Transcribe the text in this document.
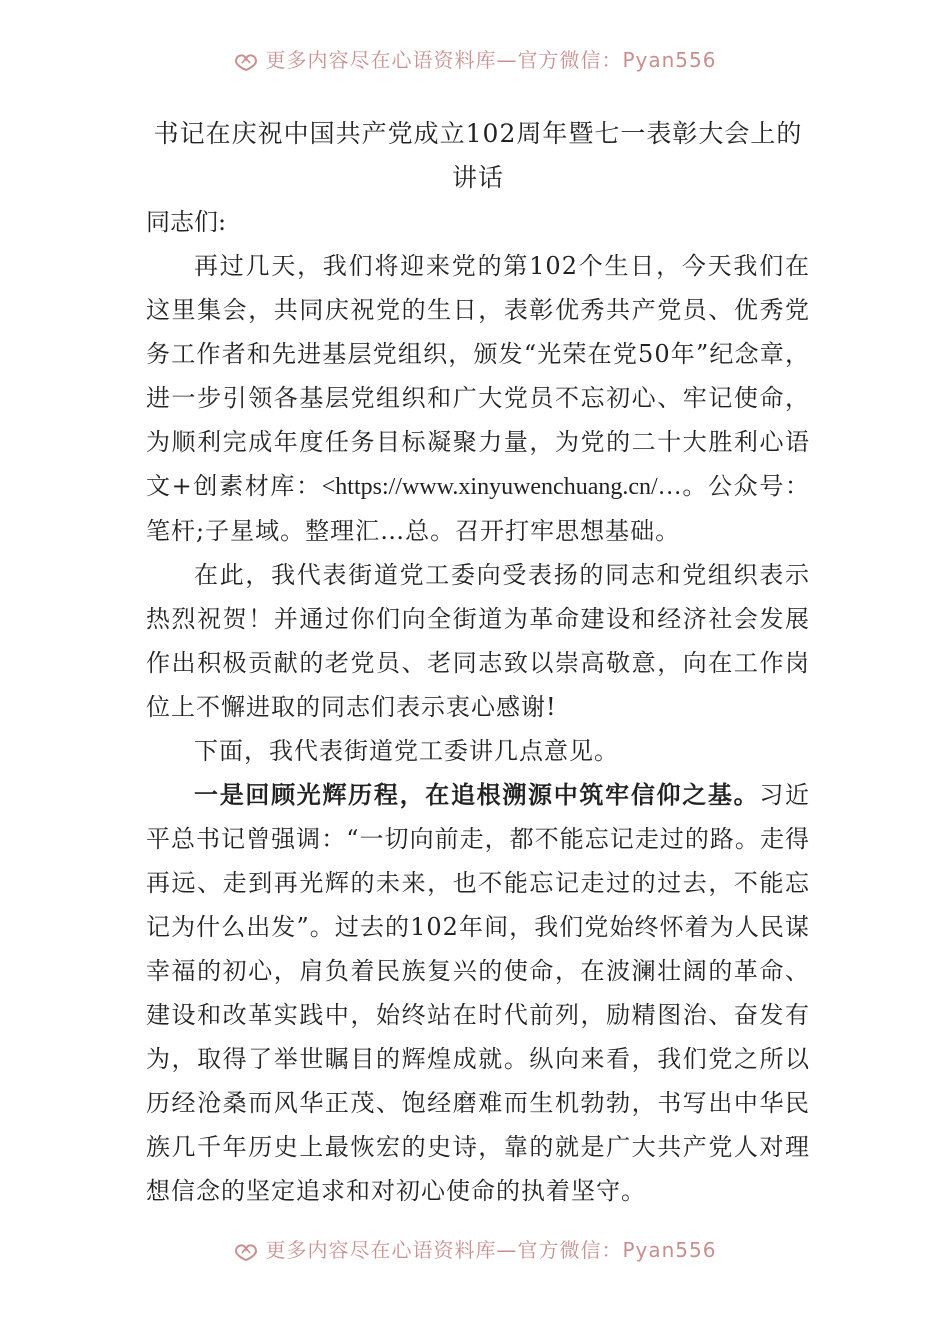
更多内容尽在心语资料库—官方微信：Pyan556
书记在庆祝中国共产党成立102周年暨七一表彰大会上的讲话

同志们:

再过几天，我们将迎来党的第102个生日，今天我们在这里集会，共同庆祝党的生日，表彰优秀共产党员、优秀党务工作者和先进基层党组织，颁发“光荣在党50年”纪念章，进一步引领各基层党组织和广大党员不忘初心、牢记使命，为顺利完成年度任务目标凝聚力量，为党的二十大胜利心语文+创素材库：<https://www.xinyuwenchuang.cn/…。公众号：笔杆;子星域。整理汇…总。召开打牢思想基础。

在此，我代表街道党工委向受表扬的同志和党组织表示热烈祝贺！并通过你们向全街道为革命建设和经济社会发展作出积极贡献的老党员、老同志致以崇高敬意，向在工作岗位上不懈进取的同志们表示衷心感谢!

下面，我代表街道党工委讲几点意见。

一是回顾光辉历程，在追根溯源中筑牢信仰之基。习近平总书记曾强调：“一切向前走，都不能忘记走过的路。走得再远、走到再光辉的未来，也不能忘记走过的过去，不能忘记为什么出发”。过去的102年间，我们党始终怀着为人民谋幸福的初心，肩负着民族复兴的使命，在波澜壮阔的革命、建设和改革实践中，始终站在时代前列，励精图治、奋发有为，取得了举世瞩目的辉煌成就。纵向来看，我们党之所以历经沧桑而风华正茂、饱经磨难而生机勃勃，书写出中华民族几千年历史上最恢宏的史诗，靠的就是广大共产党人对理想信念的坚定追求和对初心使命的执着坚守。

更多内容尽在心语资料库—官方微信：Pyan556
